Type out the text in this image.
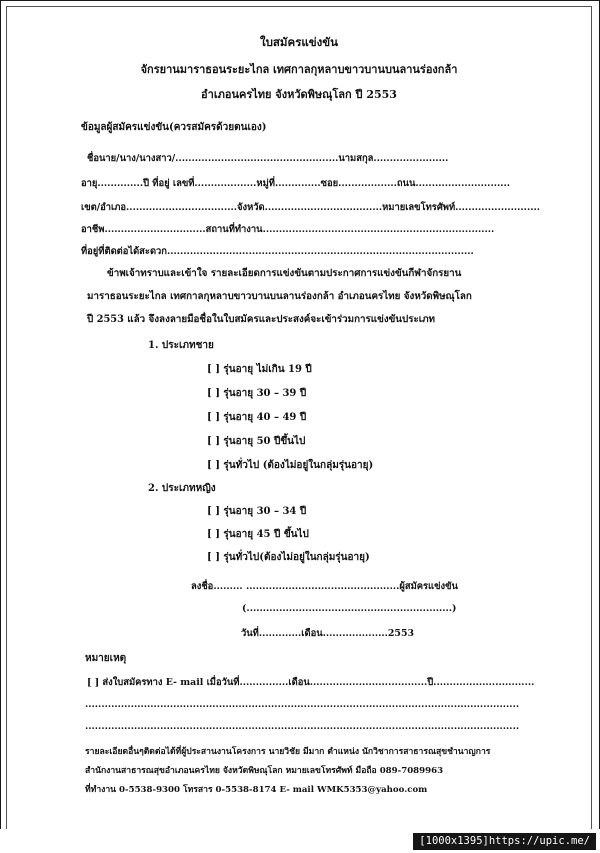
ใบสมัครแข่งขัน
จักรยานมาราธอนระยะไกล เทศกาลกุหลาบขาวบานบนลานร่องกล้า
อำเภอนครไทย จังหวัดพิษณุโลก ปี 2553
ข้อมูลผู้สมัครแข่งขัน(ควรสมัครด้วยตนเอง)
ชื่อนาย/นาง/นางสาว/..................................................นามสกุล.......................
อายุ..............ปี ที่อยู่ เลขที่...................หมู่ที่..............ซอย..................ถนน.............................
เขต/อำเภอ..................................จังหวัด....................................หมายเลขโทรศัพท์..........................
อาชีพ...............................สถานที่ทำงาน.......................................................................
ที่อยู่ที่ติดต่อได้สะดวก..............................................................................................
ข้าพเจ้าทราบและเข้าใจ รายละเอียดการแข่งขันตามประกาศการแข่งขันกีฬาจักรยาน
มาราธอนระยะไกล เทศกาลกุหลาบขาวบานบนลานร่องกล้า อำเภอนครไทย จังหวัดพิษณุโลก
ปี 2553 แล้ว จึงลงลายมือชื่อในใบสมัครและประสงค์จะเข้าร่วมการแข่งขันประเภท
1. ประเภทชาย
[ ] รุ่นอายุ ไม่เกิน 19 ปี
[ ] รุ่นอายุ 30 – 39 ปี
[ ] รุ่นอายุ 40 – 49 ปี
[ ] รุ่นอายุ 50 ปีขึ้นไป
[ ] รุ่นทั่วไป (ต้องไม่อยู่ในกลุ่มรุ่นอายุ)
2. ประเภทหญิง
[ ] รุ่นอายุ 30 – 34 ปี
[ ] รุ่นอายุ 45 ปี ขึ้นไป
[ ] รุ่นทั่วไป(ต้องไม่อยู่ในกลุ่มรุ่นอายุ)
ลงชื่อ......... ...............................................ผู้สมัครแข่งขัน
(...............................................................)
วันที่.............เดือน....................2553
หมายเหตุ
[ ] ส่งใบสมัครทาง E- mail เมื่อวันที่...............เดือน....................................ปี...............................
.....................................................................................................................................
.....................................................................................................................................
รายละเอียดอื่นๆติดต่อได้ที่ผู้ประสานงานโครงการ นายวิชัย มีมาก ตำแหน่ง นักวิชาการสาธารณสุขชำนาญการ
สำนักงานสาธารณสุขอำเภอนครไทย จังหวัดพิษณุโลก หมายเลขโทรศัพท์ มือถือ 089-7089963
ที่ทำงาน 0-5538-9300 โทรสาร 0-5538-8174 E- mail WMK5353@yahoo.com
[1000x1395]https://upic.me/
